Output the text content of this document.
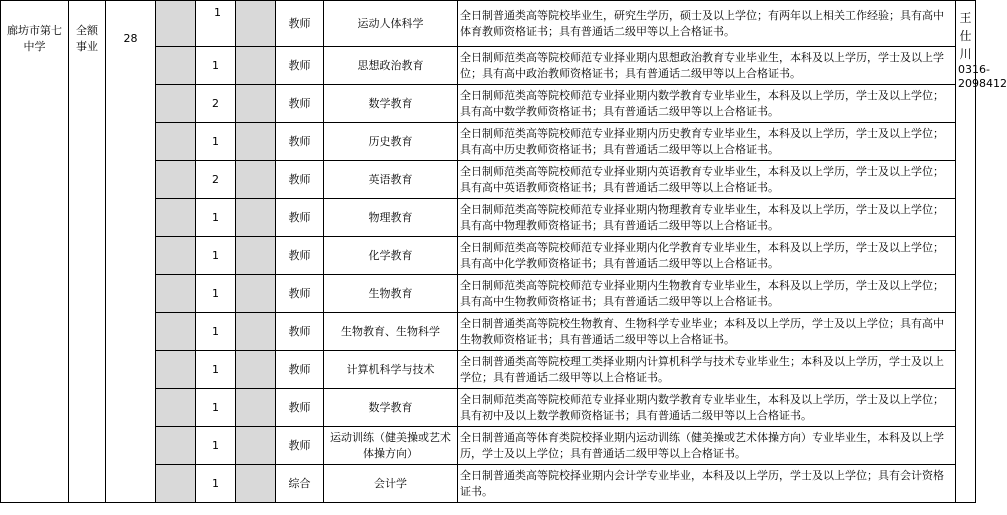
廊坊市第七中学	全额事业	28		1		教师	运动人体科学	全日制普通类高等院校毕业生，研究生学历，硕士及以上学位；有两年以上相关工作经验；具有高中体育教师资格证书；具有普通话二级甲等以上合格证书。	王仕川
0316-2098412

				1		教师	思想政治教育	全日制师范类高等院校师范专业择业期内思想政治教育专业毕业生，本科及以上学历，学士及以上学位；具有高中政治教师资格证书；具有普通话二级甲等以上合格证书。	
				2		教师	数学教育	全日制师范类高等院校师范专业择业期内数学教育专业毕业生，本科及以上学历，学士及以上学位；具有高中数学教师资格证书；具有普通话二级甲等以上合格证书。	
				1		教师	历史教育	全日制师范类高等院校师范专业择业期内历史教育专业毕业生，本科及以上学历，学士及以上学位；具有高中历史教师资格证书；具有普通话二级甲等以上合格证书。	
				2		教师	英语教育	全日制师范类高等院校师范专业择业期内英语教育专业毕业生，本科及以上学历，学士及以上学位；具有高中英语教师资格证书；具有普通话二级甲等以上合格证书。	
				1		教师	物理教育	全日制师范类高等院校师范专业择业期内物理教育专业毕业生，本科及以上学历，学士及以上学位；具有高中物理教师资格证书；具有普通话二级甲等以上合格证书。	
				1		教师	化学教育	全日制师范类高等院校师范专业择业期内化学教育专业毕业生，本科及以上学历，学士及以上学位；具有高中化学教师资格证书；具有普通话二级甲等以上合格证书。	
				1		教师	生物教育	全日制师范类高等院校师范专业择业期内生物教育专业毕业生，本科及以上学历，学士及以上学位；具有高中生物教师资格证书；具有普通话二级甲等以上合格证书。	
				1		教师	生物教育、生物科学	全日制普通类高等院校生物教育、生物科学专业毕业；本科及以上学历，学士及以上学位；具有高中生物教师资格证书；具有普通话二级甲等以上合格证书。	
				1		教师	计算机科学与技术	全日制普通类高等院校理工类择业期内计算机科学与技术专业毕业生；本科及以上学历，学士及以上学位；具有普通话二级甲等以上合格证书。	
				1		教师	数学教育	全日制师范类高等院校师范专业择业期内数学教育专业毕业生，本科及以上学历，学士及以上学位；具有初中及以上数学教师资格证书；具有普通话二级甲等以上合格证书。	
				1		教师	运动训练（健美操或艺术体操方向）	全日制普通高等体育类院校择业期内运动训练（健美操或艺术体操方向）专业毕业生，本科及以上学历，学士及以上学位；具有普通话二级甲等以上合格证书。	
				1		综合	会计学	全日制普通类高等院校择业期内会计学专业毕业，本科及以上学历，学士及以上学位；具有会计资格证书。	
